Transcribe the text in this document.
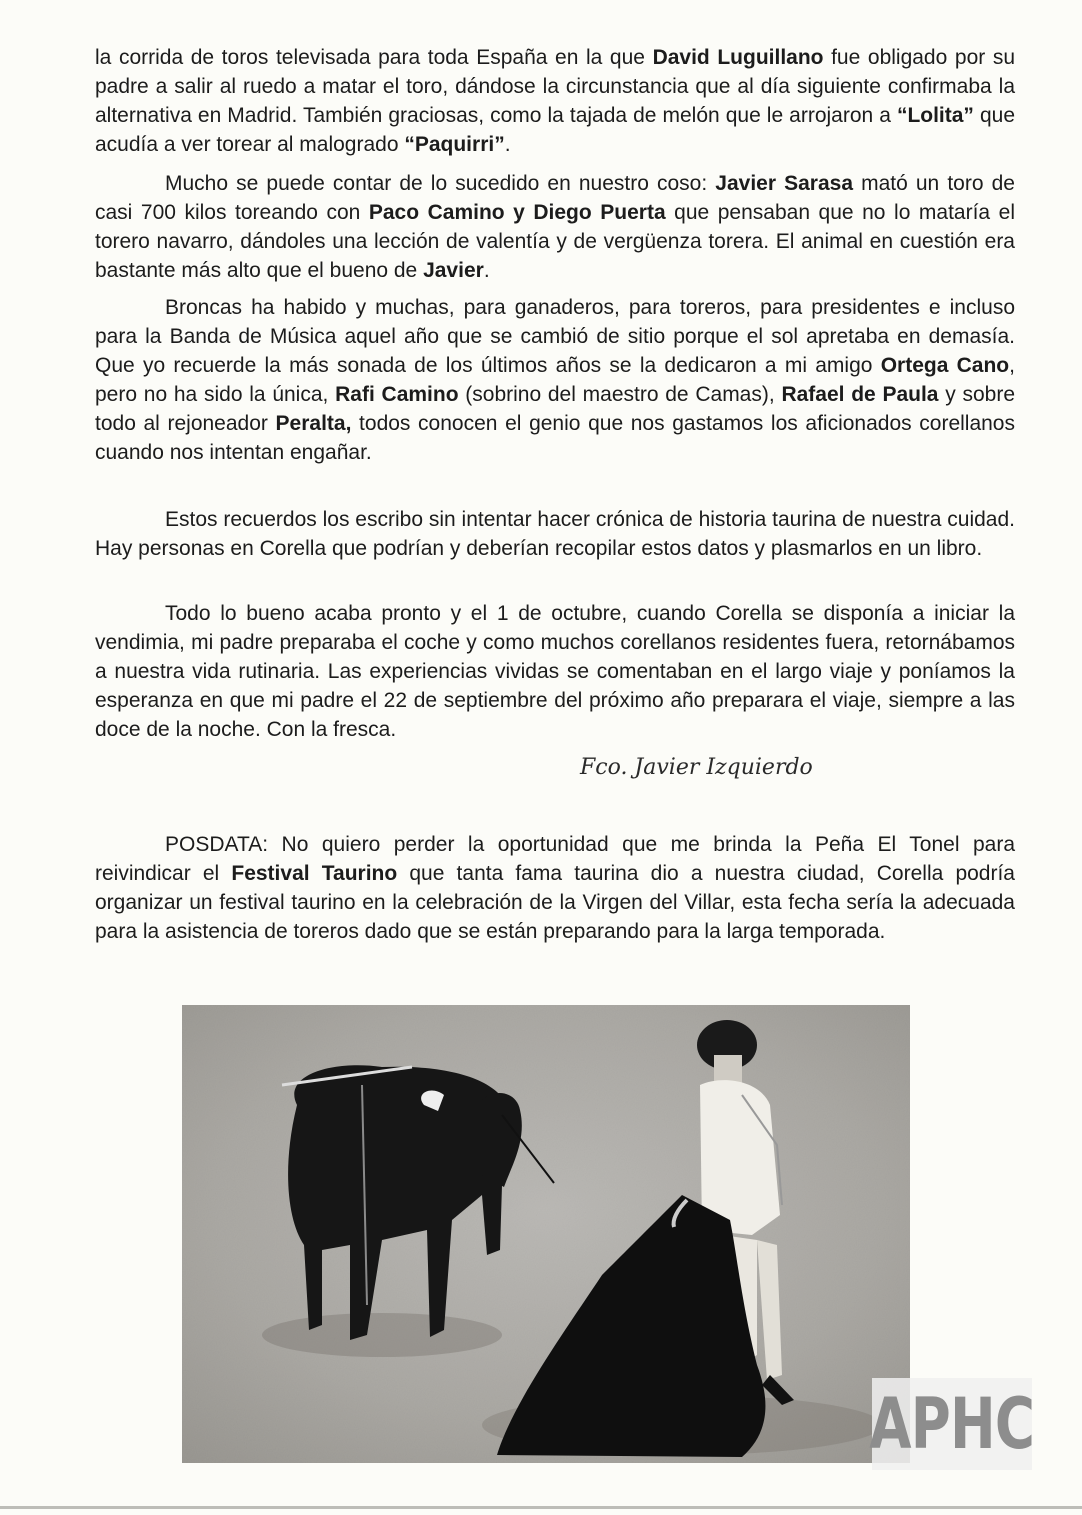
la corrida de toros televisada para toda España en la que David Luguillano fue obligado por su padre a salir al ruedo a matar el toro, dándose la circunstancia que al día siguiente confirmaba la alternativa en Madrid. También graciosas, como la tajada de melón que le arrojaron a “Lolita” que acudía a ver torear al malogrado “Paquirri”.

Mucho se puede contar de lo sucedido en nuestro coso: Javier Sarasa mató un toro de casi 700 kilos toreando con Paco Camino y Diego Puerta que pensaban que no lo mataría el torero navarro, dándoles una lección de valentía y de vergüenza torera. El animal en cuestión era bastante más alto que el bueno de Javier.

Broncas ha habido y muchas, para ganaderos, para toreros, para presidentes e incluso para la Banda de Música aquel año que se cambió de sitio porque el sol apretaba en demasía. Que yo recuerde la más sonada de los últimos años se la dedicaron a mi amigo Ortega Cano, pero no ha sido la única, Rafi Camino (sobrino del maestro de Camas), Rafael de Paula y sobre todo al rejoneador Peralta, todos conocen el genio que nos gastamos los aficionados corellanos cuando nos intentan engañar.

Estos recuerdos los escribo sin intentar hacer crónica de historia taurina de nuestra cuidad. Hay personas en Corella que podrían y deberían recopilar estos datos y plasmarlos en un libro.

Todo lo bueno acaba pronto y el 1 de octubre, cuando Corella se disponía a iniciar la vendimia, mi padre preparaba el coche y como muchos corellanos residentes fuera, retornábamos a nuestra vida rutinaria. Las experiencias vividas se comentaban en el largo viaje y poníamos la esperanza en que mi padre el 22 de septiembre del próximo año preparara el viaje, siempre a las doce de la noche. Con la fresca.

Fco. Javier Izquierdo

POSDATA: No quiero perder la oportunidad que me brinda la Peña El Tonel para reivindicar el Festival Taurino que tanta fama taurina dio a nuestra ciudad, Corella podría organizar un festival taurino en la celebración de la Virgen del Villar, esta fecha sería la adecuada para la asistencia de toreros dado que se están preparando para la larga temporada.

APHC
